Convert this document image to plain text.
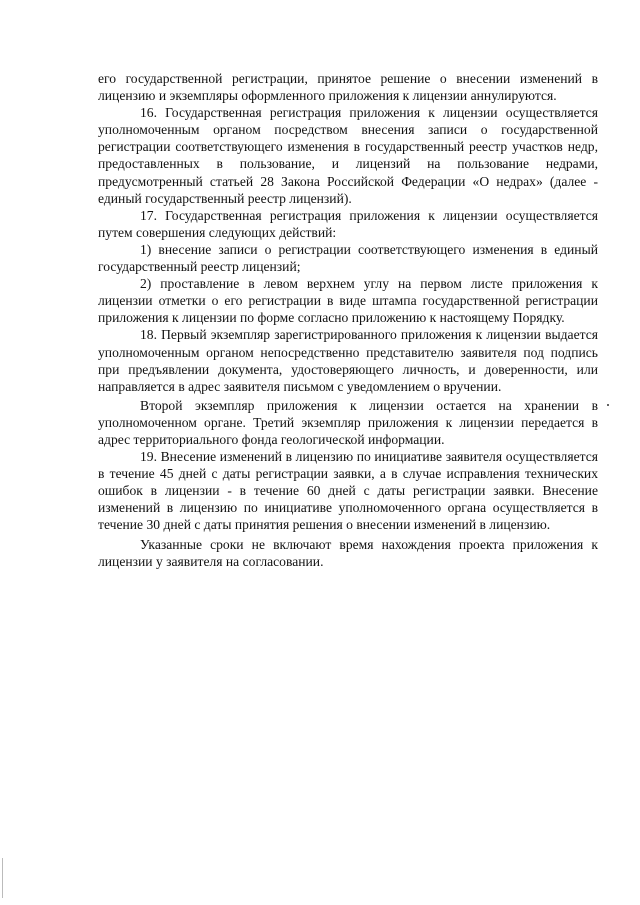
его государственной регистрации, принятое решение о внесении изменений в лицензию и экземпляры оформленного приложения к лицензии аннулируются.

16. Государственная регистрация приложения к лицензии осуществляется уполномоченным органом посредством внесения записи о государственной регистрации соответствующего изменения в государственный реестр участков недр, предоставленных в пользование, и лицензий на пользование недрами, предусмотренный статьей 28 Закона Российской Федерации «О недрах» (далее - единый государственный реестр лицензий).

17. Государственная регистрация приложения к лицензии осуществляется путем совершения следующих действий:

1) внесение записи о регистрации соответствующего изменения в единый государственный реестр лицензий;

2) проставление в левом верхнем углу на первом листе приложения к лицензии отметки о его регистрации в виде штампа государственной регистрации приложения к лицензии по форме согласно приложению к настоящему Порядку.

18. Первый экземпляр зарегистрированного приложения к лицензии выдается уполномоченным органом непосредственно представителю заявителя под подпись при предъявлении документа, удостоверяющего личность, и доверенности, или направляется в адрес заявителя письмом с уведомлением о вручении.

Второй экземпляр приложения к лицензии остается на хранении в уполномоченном органе. Третий экземпляр приложения к лицензии передается в адрес территориального фонда геологической информации.

19. Внесение изменений в лицензию по инициативе заявителя осуществляется в течение 45 дней с даты регистрации заявки, а в случае исправления технических ошибок в лицензии - в течение 60 дней с даты регистрации заявки. Внесение изменений в лицензию по инициативе уполномоченного органа осуществляется в течение 30 дней с даты принятия решения о внесении изменений в лицензию.

Указанные сроки не включают время нахождения проекта приложения к лицензии у заявителя на согласовании.
